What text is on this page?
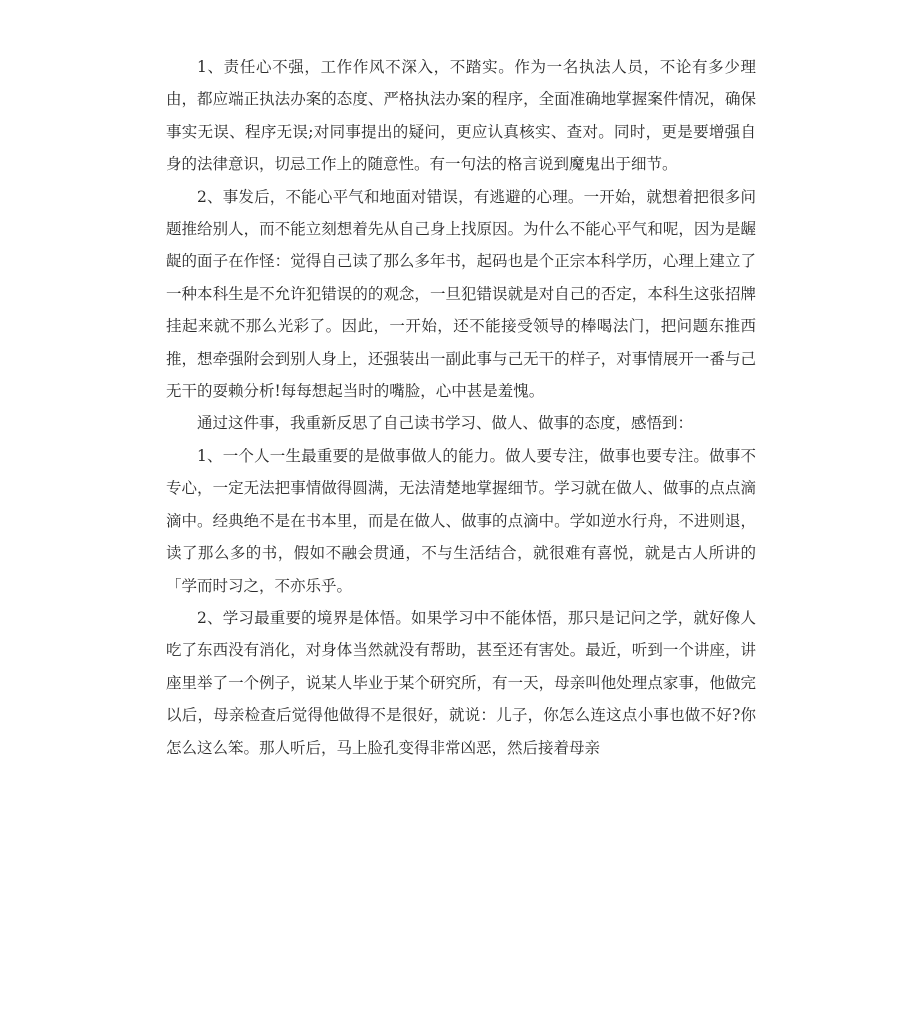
1、责任心不强，工作作风不深入，不踏实。作为一名执法人员，不论有多少理由，都应端正执法办案的态度、严格执法办案的程序，全面准确地掌握案件情况，确保事实无误、程序无误;对同事提出的疑问，更应认真核实、查对。同时，更是要增强自身的法律意识，切忌工作上的随意性。有一句法的格言说到魔鬼出于细节。

2、事发后，不能心平气和地面对错误，有逃避的心理。一开始，就想着把很多问题推给别人，而不能立刻想着先从自己身上找原因。为什么不能心平气和呢，因为是龌龊的面子在作怪：觉得自己读了那么多年书，起码也是个正宗本科学历，心理上建立了一种本科生是不允许犯错误的的观念，一旦犯错误就是对自己的否定，本科生这张招牌挂起来就不那么光彩了。因此，一开始，还不能接受领导的棒喝法门，把问题东推西推，想牵强附会到别人身上，还强装出一副此事与己无干的样子，对事情展开一番与己无干的耍赖分析!每每想起当时的嘴脸，心中甚是羞愧。

通过这件事，我重新反思了自己读书学习、做人、做事的态度，感悟到：

1、一个人一生最重要的是做事做人的能力。做人要专注，做事也要专注。做事不专心，一定无法把事情做得圆满，无法清楚地掌握细节。学习就在做人、做事的点点滴滴中。经典绝不是在书本里，而是在做人、做事的点滴中。学如逆水行舟，不进则退，读了那么多的书，假如不融会贯通，不与生活结合，就很难有喜悦，就是古人所讲的「学而时习之，不亦乐乎。

2、学习最重要的境界是体悟。如果学习中不能体悟，那只是记问之学，就好像人吃了东西没有消化，对身体当然就没有帮助，甚至还有害处。最近，听到一个讲座，讲座里举了一个例子，说某人毕业于某个研究所，有一天，母亲叫他处理点家事，他做完以后，母亲检查后觉得他做得不是很好，就说：儿子，你怎么连这点小事也做不好?你怎么这么笨。那人听后，马上脸孔变得非常凶恶，然后接着母亲
